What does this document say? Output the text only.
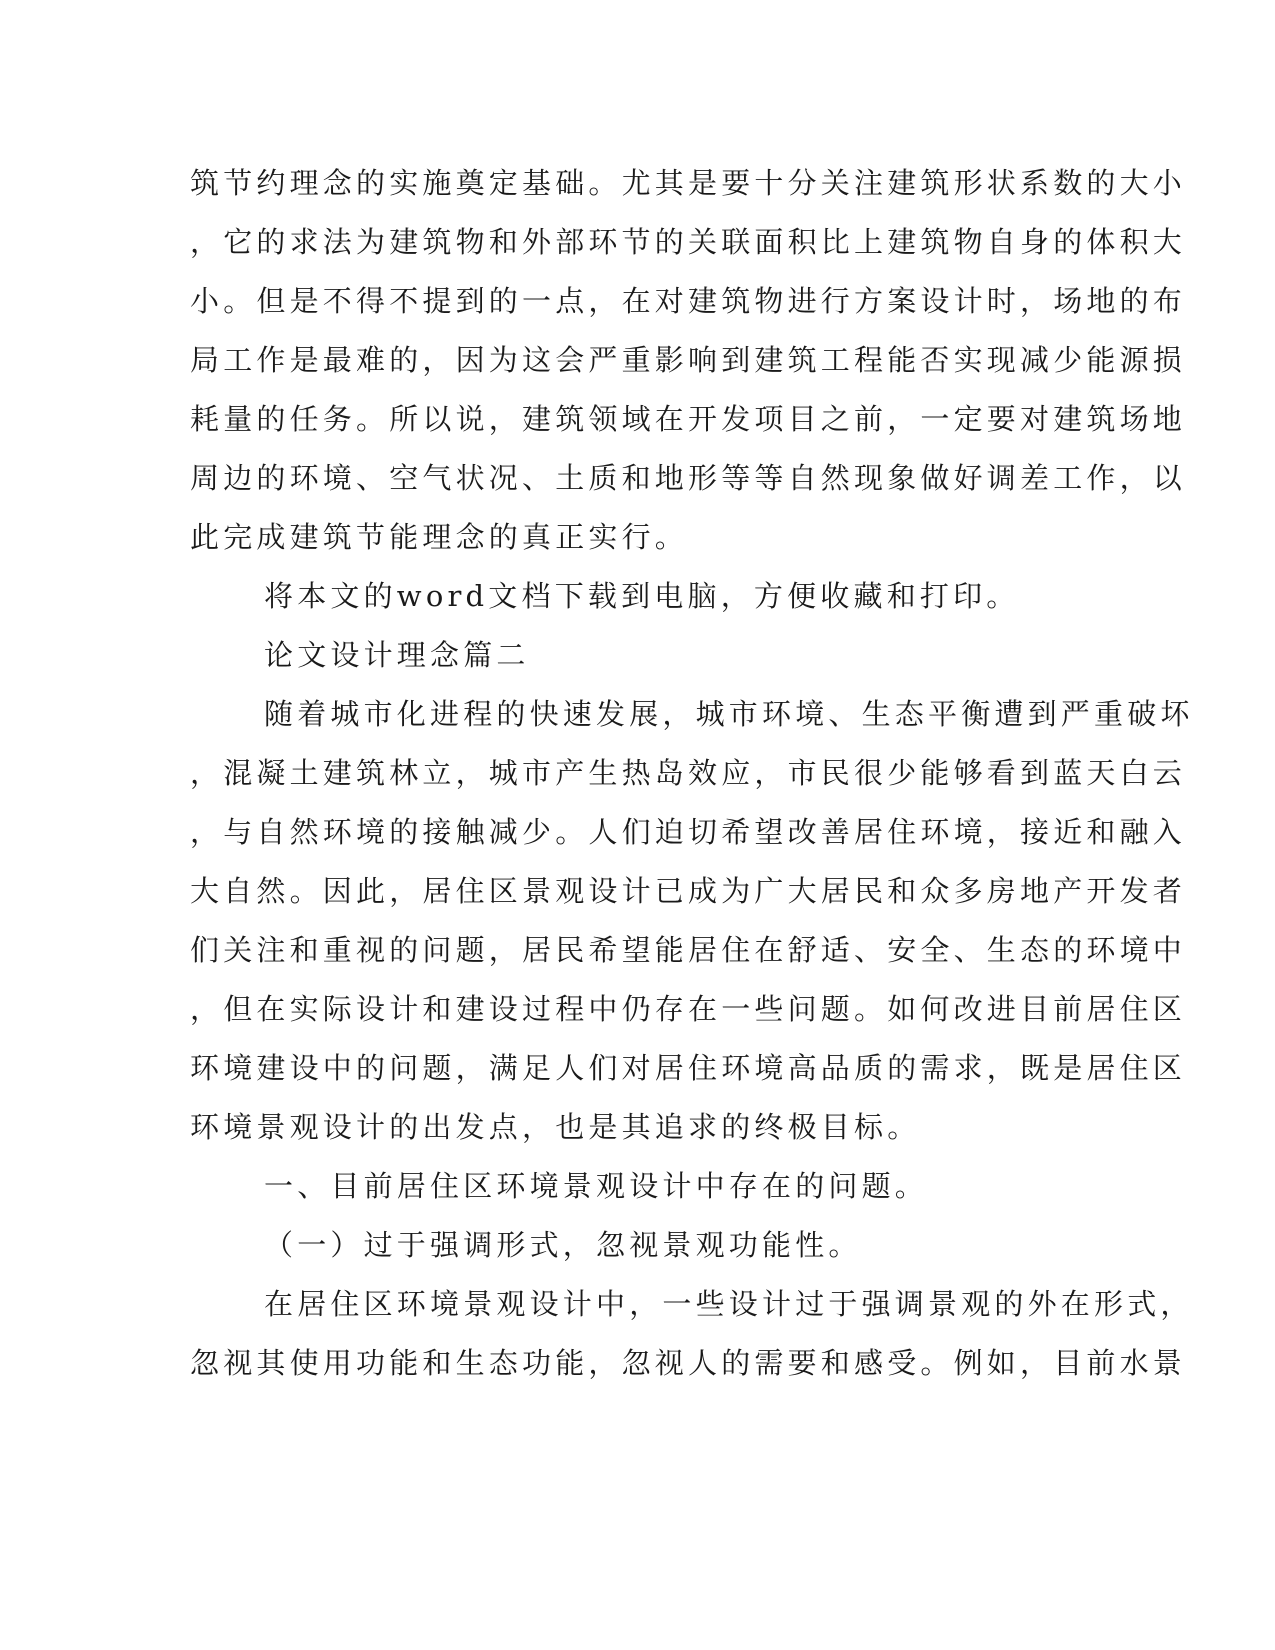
筑节约理念的实施奠定基础。尤其是要十分关注建筑形状系数的大小
，它的求法为建筑物和外部环节的关联面积比上建筑物自身的体积大
小。但是不得不提到的一点，在对建筑物进行方案设计时，场地的布
局工作是最难的，因为这会严重影响到建筑工程能否实现减少能源损
耗量的任务。所以说，建筑领域在开发项目之前，一定要对建筑场地
周边的环境、空气状况、土质和地形等等自然现象做好调差工作，以
此完成建筑节能理念的真正实行。
将本文的word文档下载到电脑，方便收藏和打印。
论文设计理念篇二
随着城市化进程的快速发展，城市环境、生态平衡遭到严重破坏
，混凝土建筑林立，城市产生热岛效应，市民很少能够看到蓝天白云
，与自然环境的接触减少。人们迫切希望改善居住环境，接近和融入
大自然。因此，居住区景观设计已成为广大居民和众多房地产开发者
们关注和重视的问题，居民希望能居住在舒适、安全、生态的环境中
，但在实际设计和建设过程中仍存在一些问题。如何改进目前居住区
环境建设中的问题，满足人们对居住环境高品质的需求，既是居住区
环境景观设计的出发点，也是其追求的终极目标。
一、目前居住区环境景观设计中存在的问题。
（一）过于强调形式，忽视景观功能性。
在居住区环境景观设计中，一些设计过于强调景观的外在形式，
忽视其使用功能和生态功能，忽视人的需要和感受。例如，目前水景
